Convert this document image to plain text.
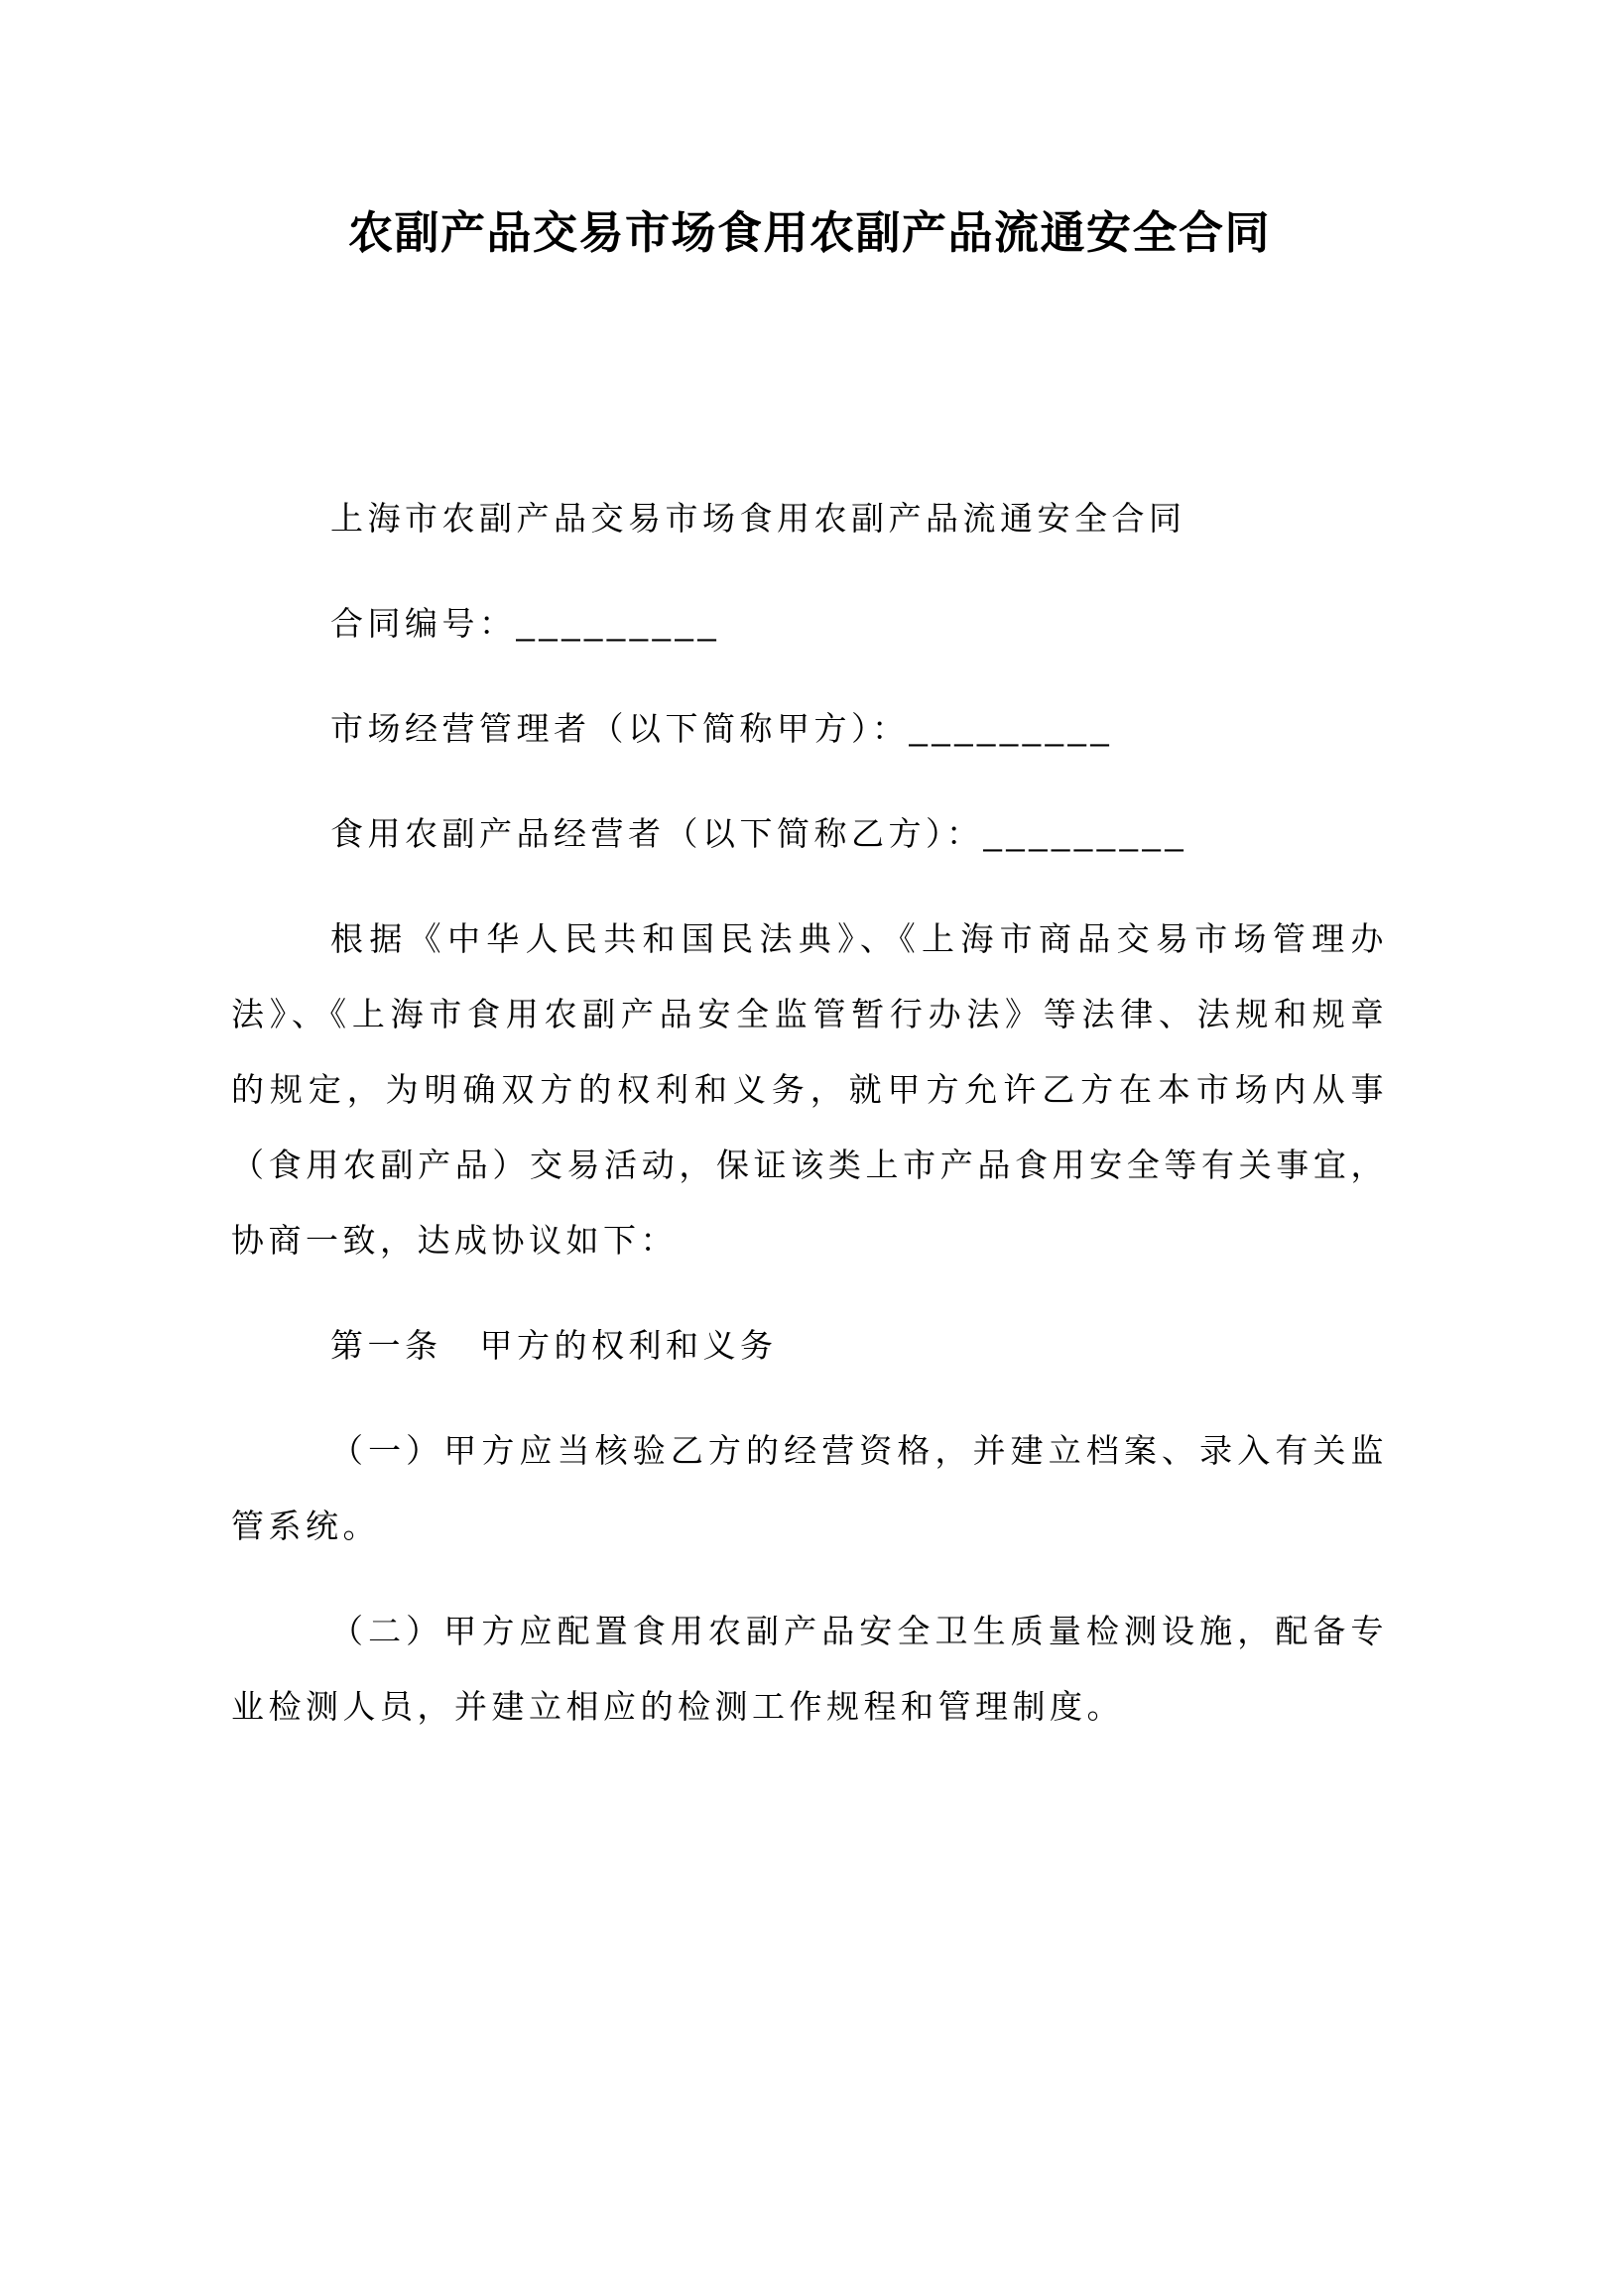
农副产品交易市场食用农副产品流通安全合同

上海市农副产品交易市场食用农副产品流通安全合同

合同编号：_________

市场经营管理者（以下简称甲方）：_________

食用农副产品经营者（以下简称乙方）：_________

根据《中华人民共和国民法典》、《上海市商品交易市场管理办法》、《上海市食用农副产品安全监管暂行办法》等法律、法规和规章的规定，为明确双方的权利和义务，就甲方允许乙方在本市场内从事（食用农副产品）交易活动，保证该类上市产品食用安全等有关事宜，协商一致，达成协议如下：

第一条 甲方的权利和义务

（一）甲方应当核验乙方的经营资格，并建立档案、录入有关监管系统。

（二）甲方应配置食用农副产品安全卫生质量检测设施，配备专业检测人员，并建立相应的检测工作规程和管理制度。
